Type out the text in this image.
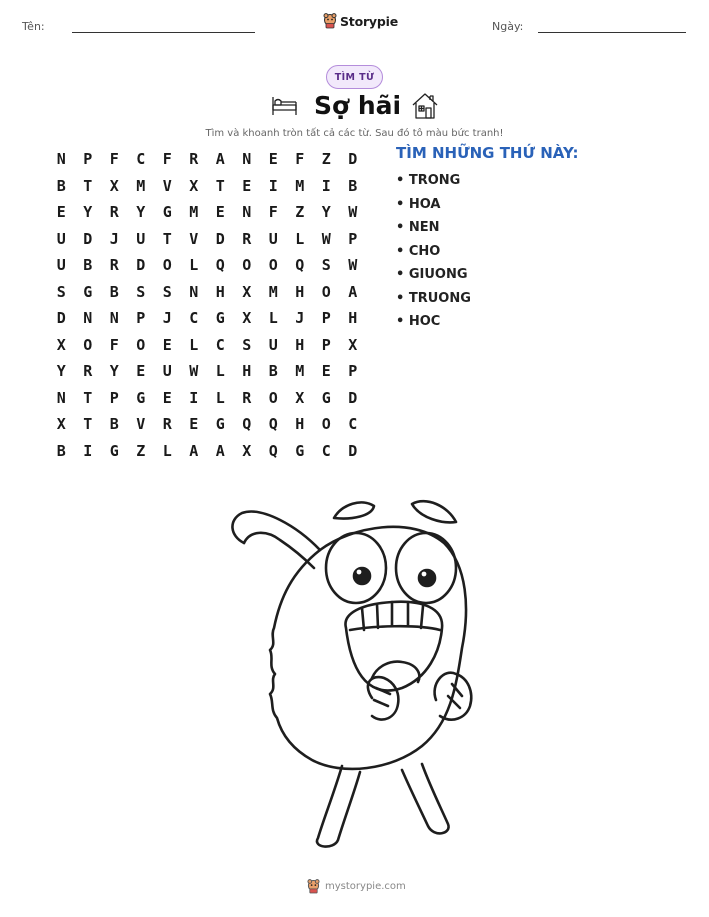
Tên:	Storypie	Ngày:
TÌM TỪ
Sợ hãi

Tìm và khoanh tròn tất cả các từ. Sau đó tô màu bức tranh!

N	P	F	C	F	R	A	N	E	F	Z	D
B	T	X	M	V	X	T	E	I	M	I	B
E	Y	R	Y	G	M	E	N	F	Z	Y	W
U	D	J	U	T	V	D	R	U	L	W	P
U	B	R	D	O	L	Q	O	O	Q	S	W
S	G	B	S	S	N	H	X	M	H	O	A
D	N	N	P	J	C	G	X	L	J	P	H
X	O	F	O	E	L	C	S	U	H	P	X
Y	R	Y	E	U	W	L	H	B	M	E	P
N	T	P	G	E	I	L	R	O	X	G	D
X	T	B	V	R	E	G	Q	Q	H	O	C
B	I	G	Z	L	A	A	X	Q	G	C	D
TÌM NHỮNG THỨ NÀY:
• TRONG
• HOA
• NEN
• CHO
• GIUONG
• TRUONG
• HOC
mystorypie.com
